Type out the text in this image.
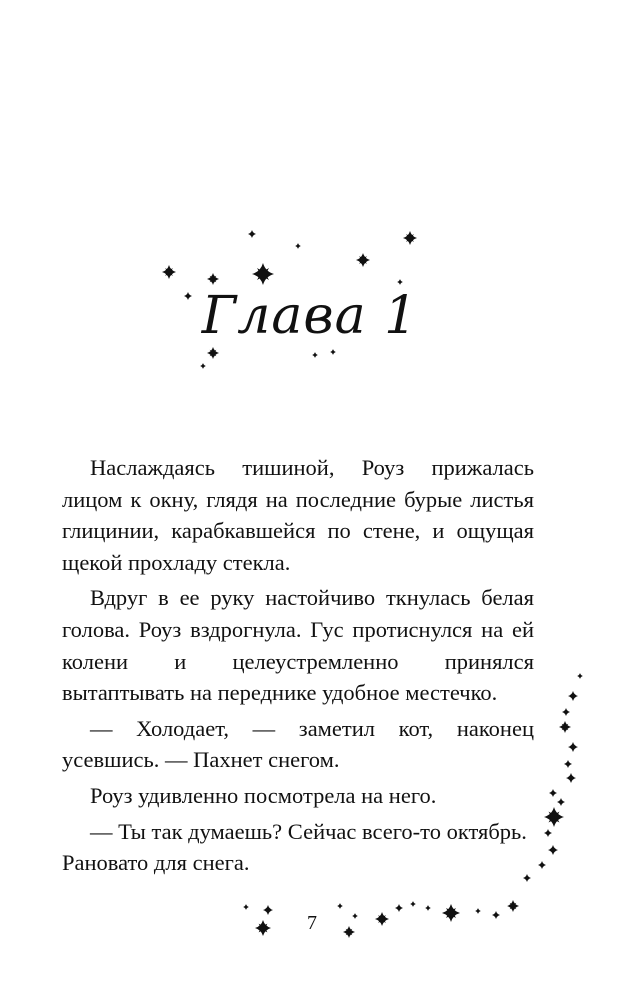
Глава 1

Наслаждаясь тишиной, Роуз прижалась лицом к окну, глядя на последние бурые листья глицинии, карабкавшейся по стене, и ощущая щекой прохладу стекла.

Вдруг в ее руку настойчиво ткнулась белая голова. Роуз вздрогнула. Гус протиснулся на ей колени и целеустремленно принялся вытаптывать на переднике удобное местечко.

— Холодает, — заметил кот, наконец усевшись. — Пахнет снегом.

Роуз удивленно посмотрела на него.

— Ты так думаешь? Сейчас всего-то октябрь. Рановато для снега.

7
